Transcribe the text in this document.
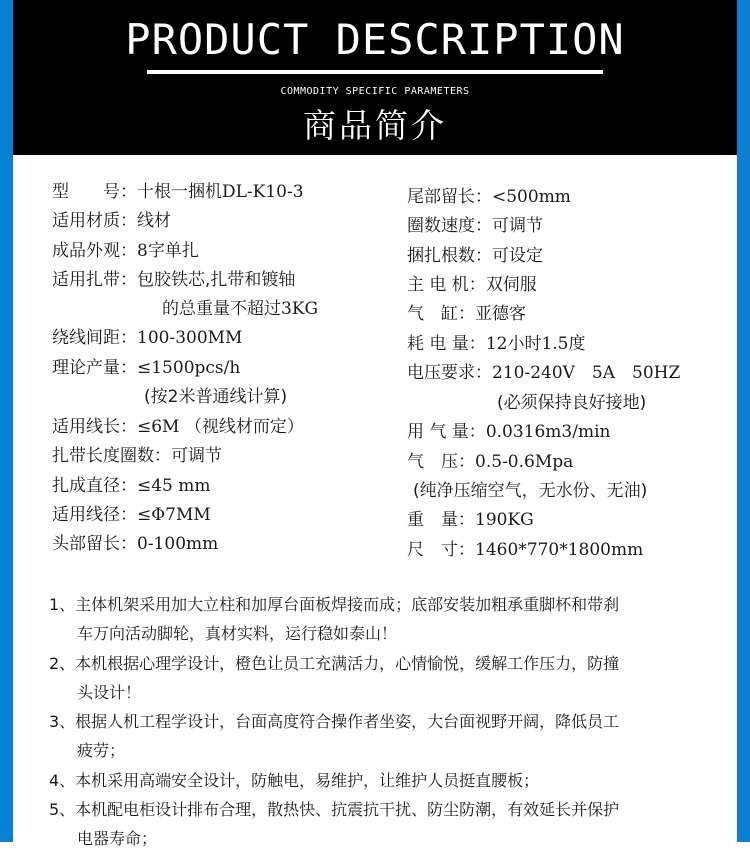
PRODUCT DESCRIPTION
COMMODITY SPECIFIC PARAMETERS
商品简介
型　　号：十根一捆机DL-K10-3
适用材质：线材
成品外观：8字单扎
适用扎带：包胶铁芯,扎带和镀轴
的总重量不超过3KG
绕线间距：100-300MM
理论产量：≤1500pcs/h
(按2米普通线计算)
适用线长：≤6M （视线材而定）
扎带长度圈数：可调节
扎成直径：≤45 mm
适用线径：≤Φ7MM
头部留长：0-100mm
尾部留长：<500mm
圈数速度：可调节
捆扎根数：可设定
主 电 机：双伺服
气　缸：亚德客
耗 电 量：12小时1.5度
电压要求：210-240V　5A　50HZ
(必须保持良好接地)
用 气 量：0.0316m3/min
气　压：0.5-0.6Mpa
(纯净压缩空气，无水份、无油)
重　量：190KG
尺　寸：1460*770*1800mm
1、主体机架采用加大立柱和加厚台面板焊接而成；底部安装加粗承重脚杯和带刹
车万向活动脚轮，真材实料，运行稳如泰山！
2、本机根据心理学设计，橙色让员工充满活力，心情愉悦，缓解工作压力，防撞
头设计！
3、根据人机工程学设计，台面高度符合操作者坐姿，大台面视野开阔，降低员工
疲劳；
4、本机采用高端安全设计，防触电，易维护，让维护人员挺直腰板；
5、本机配电柜设计排布合理，散热快、抗震抗干扰、防尘防潮，有效延长并保护
电器寿命；
